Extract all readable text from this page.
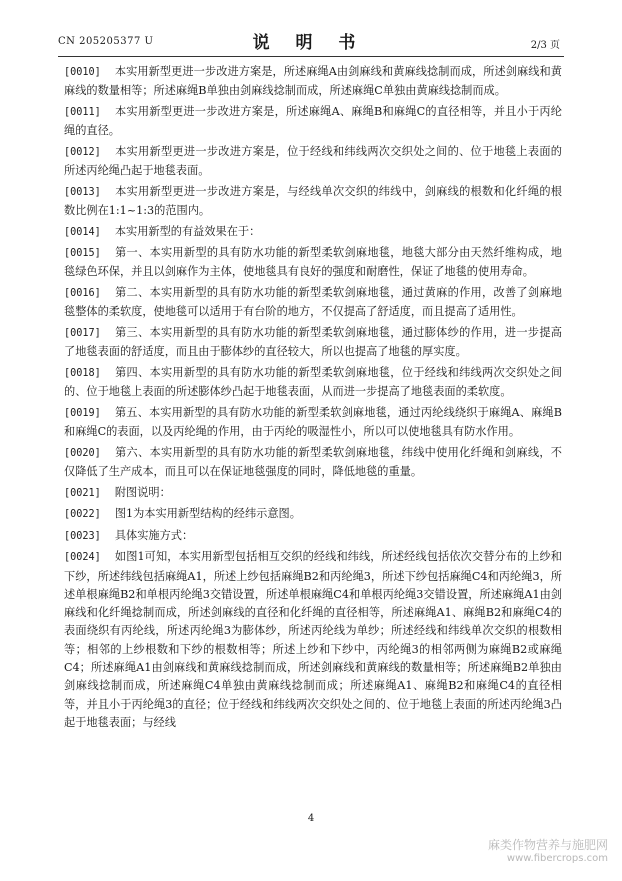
CN 205205377 U	说 明 书	2/3 页

[0010] 本实用新型更进一步改进方案是，所述麻绳A由剑麻线和黄麻线捻制而成，所述剑麻线和黄麻线的数量相等；所述麻绳B单独由剑麻线捻制而成，所述麻绳C单独由黄麻线捻制而成。

[0011] 本实用新型更进一步改进方案是，所述麻绳A、麻绳B和麻绳C的直径相等，并且小于丙纶绳的直径。

[0012] 本实用新型更进一步改进方案是，位于经线和纬线两次交织处之间的、位于地毯上表面的所述丙纶绳凸起于地毯表面。

[0013] 本实用新型更进一步改进方案是，与经线单次交织的纬线中，剑麻线的根数和化纤绳的根数比例在1:1~1:3的范围内。

[0014] 本实用新型的有益效果在于：

[0015] 第一、本实用新型的具有防水功能的新型柔软剑麻地毯，地毯大部分由天然纤维构成，地毯绿色环保，并且以剑麻作为主体，使地毯具有良好的强度和耐磨性，保证了地毯的使用寿命。

[0016] 第二、本实用新型的具有防水功能的新型柔软剑麻地毯，通过黄麻的作用，改善了剑麻地毯整体的柔软度，使地毯可以适用于有台阶的地方，不仅提高了舒适度，而且提高了适用性。

[0017] 第三、本实用新型的具有防水功能的新型柔软剑麻地毯，通过膨体纱的作用，进一步提高了地毯表面的舒适度，而且由于膨体纱的直径较大，所以也提高了地毯的厚实度。

[0018] 第四、本实用新型的具有防水功能的新型柔软剑麻地毯，位于经线和纬线两次交织处之间的、位于地毯上表面的所述膨体纱凸起于地毯表面，从而进一步提高了地毯表面的柔软度。

[0019] 第五、本实用新型的具有防水功能的新型柔软剑麻地毯，通过丙纶线绕织于麻绳A、麻绳B和麻绳C的表面，以及丙纶绳的作用，由于丙纶的吸湿性小，所以可以使地毯具有防水作用。

[0020] 第六、本实用新型的具有防水功能的新型柔软剑麻地毯，纬线中使用化纤绳和剑麻线，不仅降低了生产成本，而且可以在保证地毯强度的同时，降低地毯的重量。

[0021] 附图说明：

[0022] 图1为本实用新型结构的经纬示意图。

[0023] 具体实施方式：

[0024] 如图1可知，本实用新型包括相互交织的经线和纬线，所述经线包括依次交替分布的上纱和下纱，所述纬线包括麻绳A1，所述上纱包括麻绳B2和丙纶绳3，所述下纱包括麻绳C4和丙纶绳3，所述单根麻绳B2和单根丙纶绳3交错设置，所述单根麻绳C4和单根丙纶绳3交错设置，所述麻绳A1由剑麻线和化纤绳捻制而成，所述剑麻线的直径和化纤绳的直径相等，所述麻绳A1、麻绳B2和麻绳C4的表面绕织有丙纶线，所述丙纶绳3为膨体纱，所述丙纶线为单纱；所述经线和纬线单次交织的根数相等；相邻的上纱根数和下纱的根数相等；所述上纱和下纱中，丙纶绳3的相邻两侧为麻绳B2或麻绳C4；所述麻绳A1由剑麻线和黄麻线捻制而成，所述剑麻线和黄麻线的数量相等；所述麻绳B2单独由剑麻线捻制而成，所述麻绳C4单独由黄麻线捻制而成；所述麻绳A1、麻绳B2和麻绳C4的直径相等，并且小于丙纶绳3的直径；位于经线和纬线两次交织处之间的、位于地毯上表面的所述丙纶绳3凸起于地毯表面；与经线

4
麻类作物营养与施肥网
www.fibercrops.com
